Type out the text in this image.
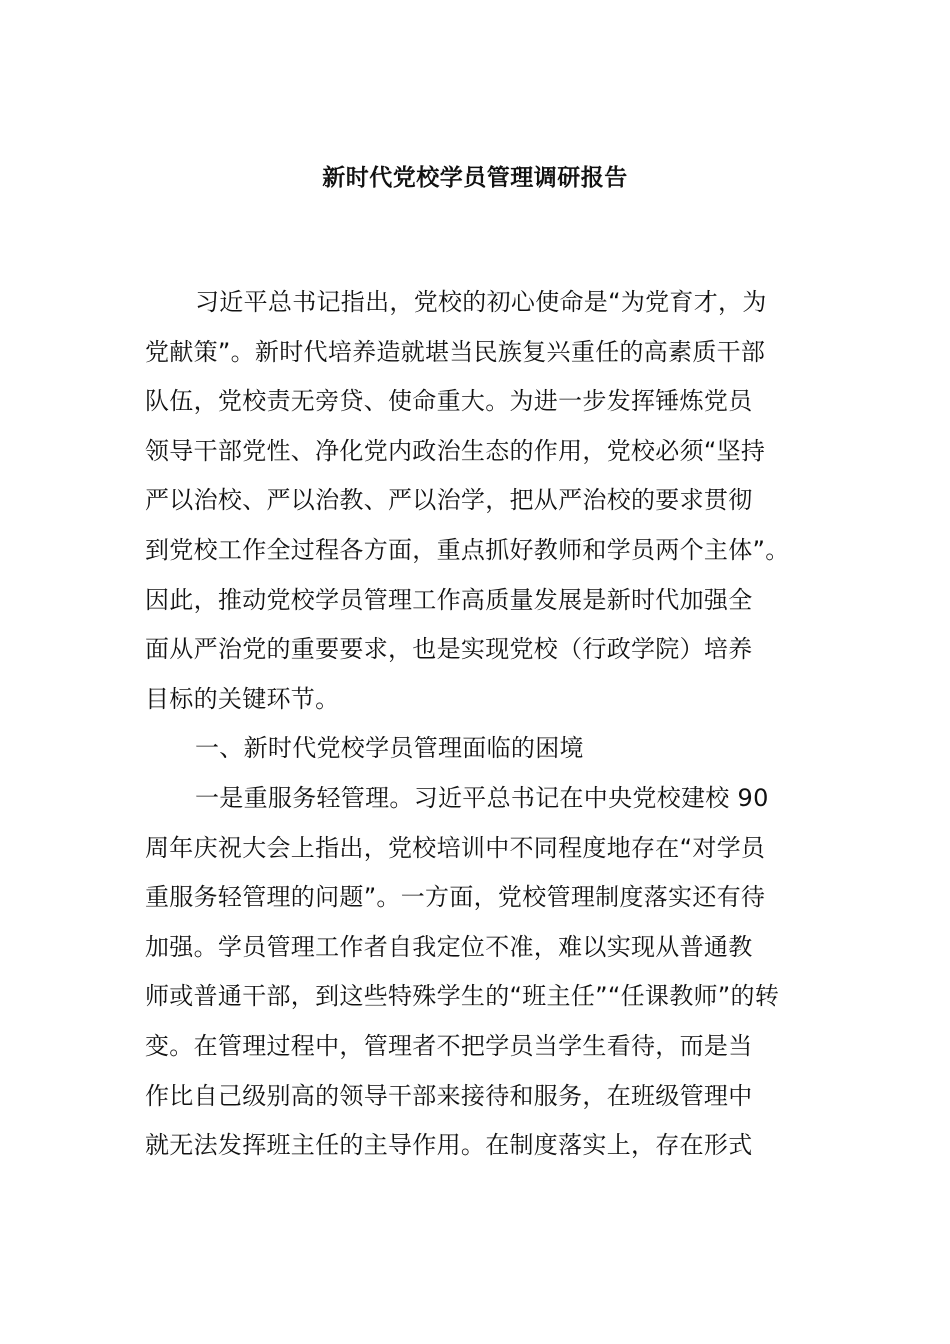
新时代党校学员管理调研报告
习近平总书记指出，党校的初心使命是“为党育才，为
党献策”。新时代培养造就堪当民族复兴重任的高素质干部
队伍，党校责无旁贷、使命重大。为进一步发挥锤炼党员
领导干部党性、净化党内政治生态的作用，党校必须“坚持
严以治校、严以治教、严以治学，把从严治校的要求贯彻
到党校工作全过程各方面，重点抓好教师和学员两个主体”。
因此，推动党校学员管理工作高质量发展是新时代加强全
面从严治党的重要要求，也是实现党校（行政学院）培养
目标的关键环节。
一、新时代党校学员管理面临的困境
一是重服务轻管理。习近平总书记在中央党校建校 90
周年庆祝大会上指出，党校培训中不同程度地存在“对学员
重服务轻管理的问题”。一方面，党校管理制度落实还有待
加强。学员管理工作者自我定位不准，难以实现从普通教
师或普通干部，到这些特殊学生的“班主任”“任课教师”的转
变。在管理过程中，管理者不把学员当学生看待，而是当
作比自己级别高的领导干部来接待和服务，在班级管理中
就无法发挥班主任的主导作用。在制度落实上，存在形式
